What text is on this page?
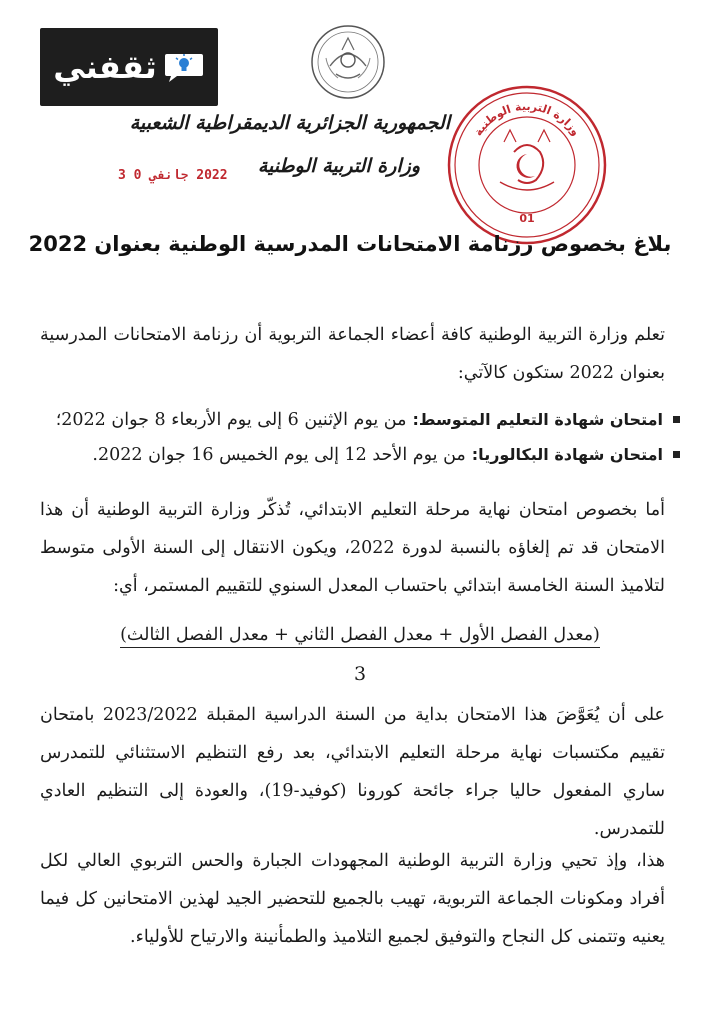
ثقفني
الجمهورية الجزائرية الديمقراطية الشعبية
وزارة التربية الوطنية
2022 جانفي 0 3
وزارة التربية الوطنية
01
بلاغ بخصوص رزنامة الامتحانات المدرسية الوطنية بعنوان 2022
تعلم وزارة التربية الوطنية كافة أعضاء الجماعة التربوية أن رزنامة الامتحانات المدرسية بعنوان 2022 ستكون كالآتي:
امتحان شهادة التعليم المتوسط:
من يوم الإثنين 6 إلى يوم الأربعاء 8 جوان 2022؛
امتحان شهادة البكالوريا:
من يوم الأحد 12 إلى يوم الخميس 16 جوان 2022.
أما بخصوص امتحان نهاية مرحلة التعليم الابتدائي، تُذكّر وزارة التربية الوطنية أن هذا الامتحان قد تم إلغاؤه بالنسبة لدورة 2022، ويكون الانتقال إلى السنة الأولى متوسط لتلاميذ السنة الخامسة ابتدائي باحتساب المعدل السنوي للتقييم المستمر، أي:
(معدل الفصل الأول + معدل الفصل الثاني + معدل الفصل الثالث)
3
على أن يُعَوَّضَ هذا الامتحان بداية من السنة الدراسية المقبلة 2023/2022 بامتحان تقييم مكتسبات نهاية مرحلة التعليم الابتدائي، بعد رفع التنظيم الاستثنائي للتمدرس ساري المفعول حاليا جراء جائحة كورونا (كوفيد-19)، والعودة إلى التنظيم العادي للتمدرس.
هذا، وإذ تحيي وزارة التربية الوطنية المجهودات الجبارة والحس التربوي العالي لكل أفراد ومكونات الجماعة التربوية، تهيب بالجميع للتحضير الجيد لهذين الامتحانين كل فيما يعنيه وتتمنى كل النجاح والتوفيق لجميع التلاميذ والطمأنينة والارتياح للأولياء.
